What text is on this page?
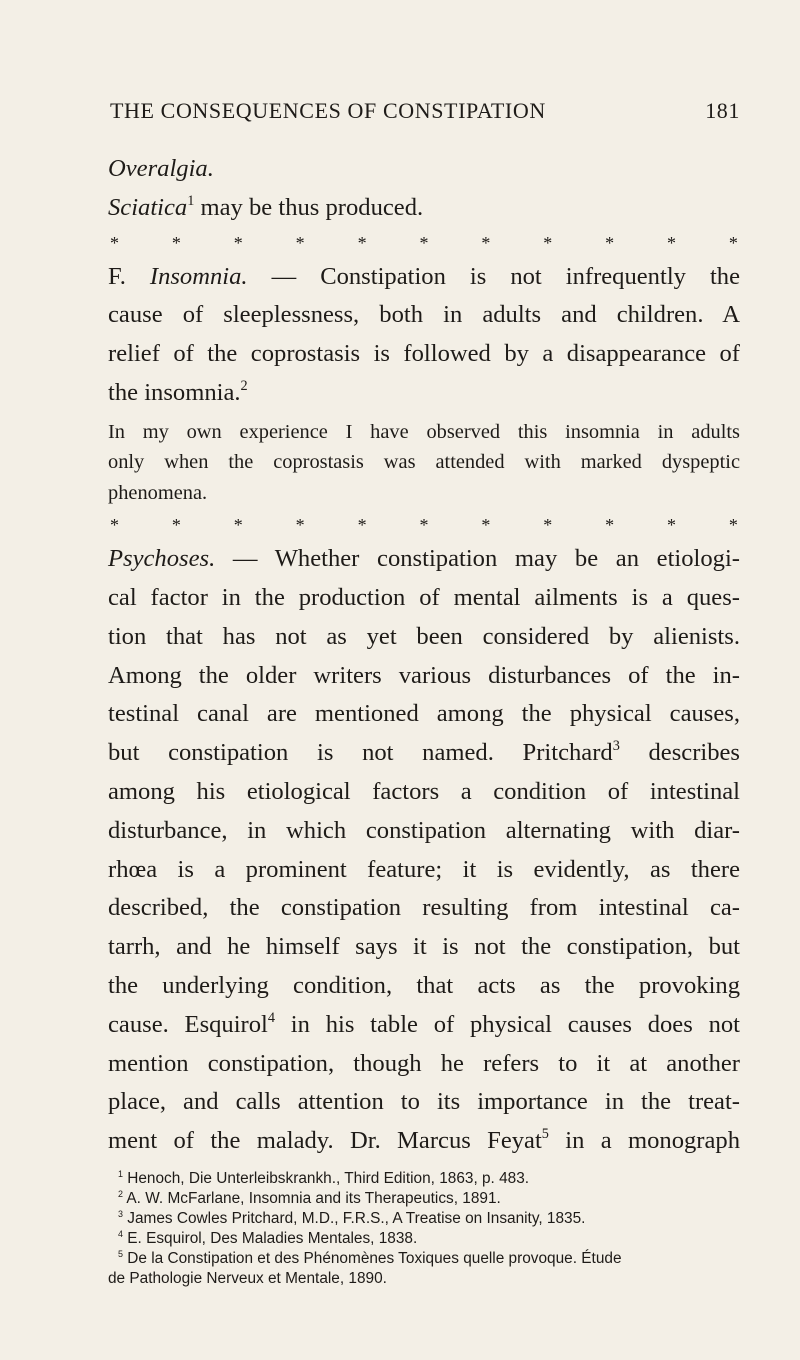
THE CONSEQUENCES OF CONSTIPATION	181
Overalgia.
Sciatica$^1$ may be thus produced.
*	*	*	*	*	*	*	*	*	*	*
F. Insomnia. — Constipation is not infrequently the
cause of sleeplessness, both in adults and children. A
relief of the coprostasis is followed by a disappearance of
the insomnia.$^2$
In my own experience I have observed this insomnia in adults
only when the coprostasis was attended with marked dyspeptic
phenomena.
*	*	*	*	*	*	*	*	*	*	*
Psychoses. — Whether constipation may be an etiologi-
cal factor in the production of mental ailments is a ques-
tion that has not as yet been considered by alienists.
Among the older writers various disturbances of the in-
testinal canal are mentioned among the physical causes,
but constipation is not named. Pritchard$^3$ describes
among his etiological factors a condition of intestinal
disturbance, in which constipation alternating with diar-
rhœa is a prominent feature; it is evidently, as there
described, the constipation resulting from intestinal ca-
tarrh, and he himself says it is not the constipation, but
the underlying condition, that acts as the provoking
cause. Esquirol$^4$ in his table of physical causes does not
mention constipation, though he refers to it at another
place, and calls attention to its importance in the treat-
ment of the malady. Dr. Marcus Feyat$^5$ in a monograph
$^1$ Henoch, Die Unterleibskrankh., Third Edition, 1863, p. 483.
$^2$ A. W. McFarlane, Insomnia and its Therapeutics, 1891.
$^3$ James Cowles Pritchard, M.D., F.R.S., A Treatise on Insanity, 1835.
$^4$ E. Esquirol, Des Maladies Mentales, 1838.
$^5$ De la Constipation et des Phénomènes Toxiques quelle provoque. Étude
de Pathologie Nerveux et Mentale, 1890.
